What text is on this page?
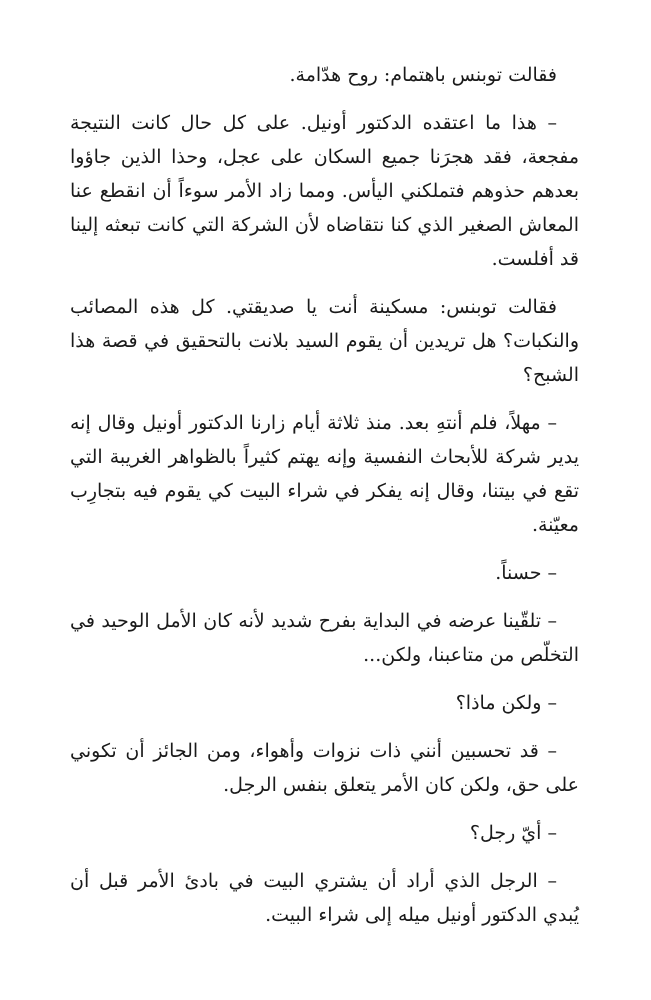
فقالت توبنس باهتمام: روح هدّامة.

– هذا ما اعتقده الدكتور أونيل. على كل حال كانت النتيجة مفجعة، فقد هجرَنا جميع السكان على عجل، وحذا الذين جاؤوا بعدهم حذوهم فتملكني اليأس. ومما زاد الأمر سوءاً أن انقطع عنا المعاش الصغير الذي كنا نتقاضاه لأن الشركة التي كانت تبعثه إلينا قد أفلست.

فقالت توبنس: مسكينة أنت يا صديقتي. كل هذه المصائب والنكبات؟ هل تريدين أن يقوم السيد بلانت بالتحقيق في قصة هذا الشبح؟

– مهلاً، فلم أنتهِ بعد. منذ ثلاثة أيام زارنا الدكتور أونيل وقال إنه يدير شركة للأبحاث النفسية وإنه يهتم كثيراً بالظواهر الغريبة التي تقع في بيتنا، وقال إنه يفكر في شراء البيت كي يقوم فيه بتجارِب معيّنة.

– حسناً.

– تلقّينا عرضه في البداية بفرح شديد لأنه كان الأمل الوحيد في التخلّص من متاعبنا، ولكن...

– ولكن ماذا؟

– قد تحسبين أنني ذات نزوات وأهواء، ومن الجائز أن تكوني على حق، ولكن كان الأمر يتعلق بنفس الرجل.

– أيّ رجل؟

– الرجل الذي أراد أن يشتري البيت في بادئ الأمر قبل أن يُبدي الدكتور أونيل ميله إلى شراء البيت.
